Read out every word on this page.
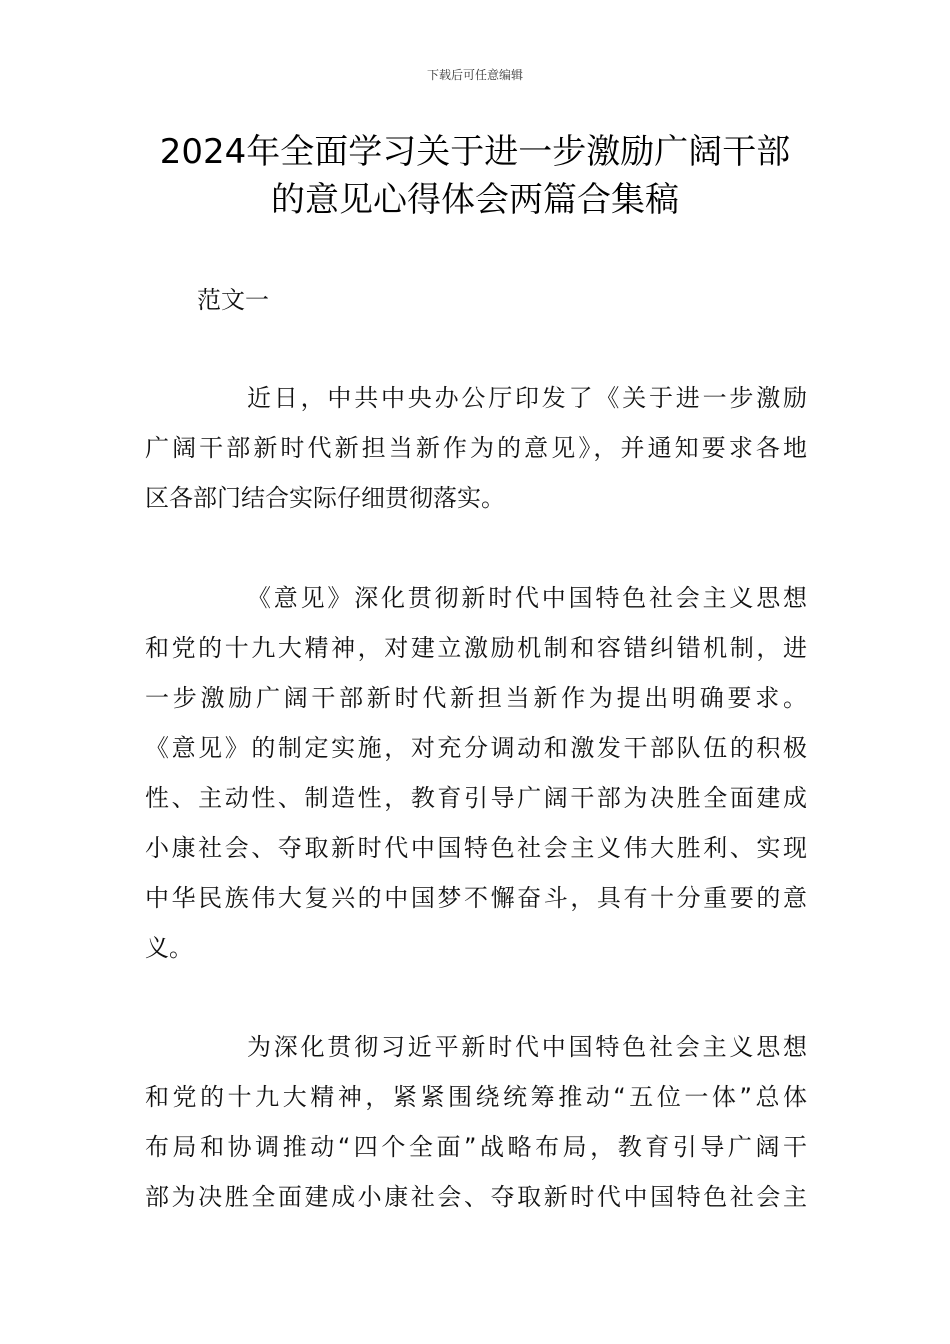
下载后可任意编辑
2024年全面学习关于进一步激励广阔干部
的意见心得体会两篇合集稿
范文一
近日，中共中央办公厅印发了《关于进一步激励
广阔干部新时代新担当新作为的意见》，并通知要求各地
区各部门结合实际仔细贯彻落实。
《意见》深化贯彻新时代中国特色社会主义思想
和党的十九大精神，对建立激励机制和容错纠错机制，进
一步激励广阔干部新时代新担当新作为提出明确要求。
《意见》的制定实施，对充分调动和激发干部队伍的积极
性、主动性、制造性，教育引导广阔干部为决胜全面建成
小康社会、夺取新时代中国特色社会主义伟大胜利、实现
中华民族伟大复兴的中国梦不懈奋斗，具有十分重要的意
义。
为深化贯彻习近平新时代中国特色社会主义思想
和党的十九大精神，紧紧围绕统筹推动“五位一体”总体
布局和协调推动“四个全面”战略布局，教育引导广阔干
部为决胜全面建成小康社会、夺取新时代中国特色社会主
